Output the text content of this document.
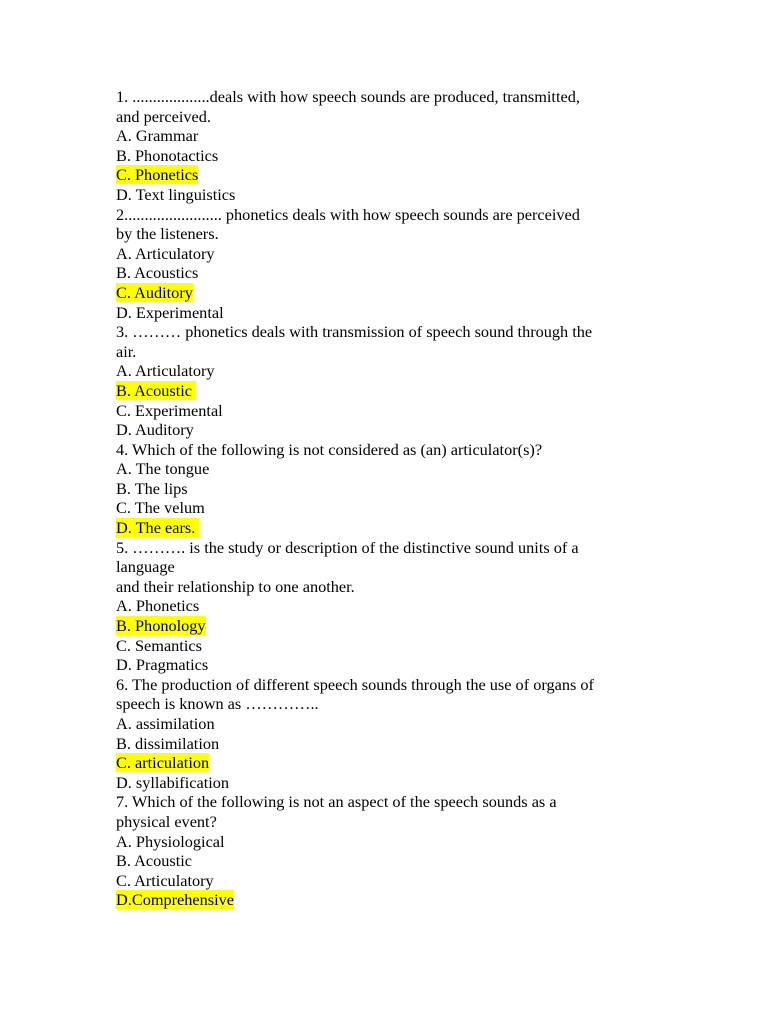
1. ...................deals with how speech sounds are produced, transmitted,
and perceived.
A. Grammar
B. Phonotactics
C. Phonetics
D. Text linguistics
2........................ phonetics deals with how speech sounds are perceived
by the listeners.
A. Articulatory
B. Acoustics
C. Auditory
D. Experimental
3. ……… phonetics deals with transmission of speech sound through the
air.
A. Articulatory
B. Acoustic
C. Experimental
D. Auditory
4. Which of the following is not considered as (an) articulator(s)?
A. The tongue
B. The lips
C. The velum
D. The ears.
5. ………. is the study or description of the distinctive sound units of a
language
and their relationship to one another.
A. Phonetics
B. Phonology
C. Semantics
D. Pragmatics
6. The production of different speech sounds through the use of organs of
speech is known as …………..
A. assimilation
B. dissimilation
C. articulation
D. syllabification
7. Which of the following is not an aspect of the speech sounds as a
physical event?
A. Physiological
B. Acoustic
C. Articulatory
D.Comprehensive
